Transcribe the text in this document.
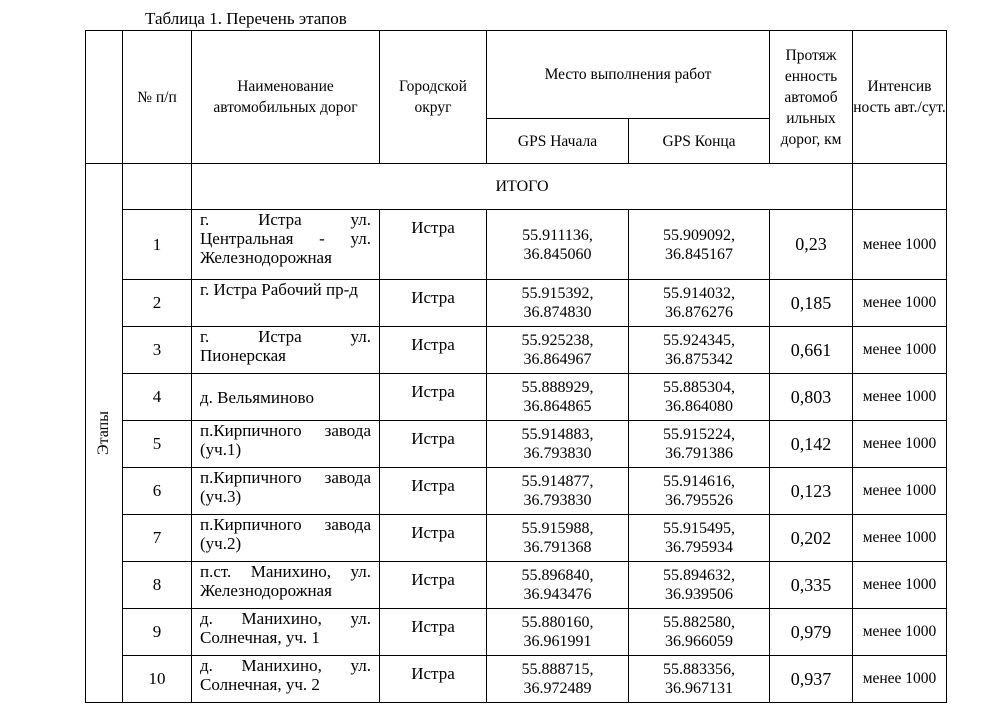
Таблица 1. Перечень этапов
	№ п/п	Наименование автомобильных дорог	Городской округ	Место выполнения работ		Протяж енность автомоб ильных дорог, км	Интенсив ность авт./сут.
				GPS Начала	GPS Конца		

Этапы		ИТОГО					
	1	г. Истра ул. Центральная - ул. Железнодорожная	Истра	55.911136, 36.845060	55.909092, 36.845167	0,23	менее 1000
	2	г. Истра Рабочий пр-д	Истра	55.915392, 36.874830	55.914032, 36.876276	0,185	менее 1000
	3	г. Истра ул. Пионерская	Истра	55.925238, 36.864967	55.924345, 36.875342	0,661	менее 1000
	4	д. Вельяминово	Истра	55.888929, 36.864865	55.885304, 36.864080	0,803	менее 1000
	5	п.Кирпичного завода (уч.1)	Истра	55.914883, 36.793830	55.915224, 36.791386	0,142	менее 1000
	6	п.Кирпичного завода (уч.3)	Истра	55.914877, 36.793830	55.914616, 36.795526	0,123	менее 1000
	7	п.Кирпичного завода (уч.2)	Истра	55.915988, 36.791368	55.915495, 36.795934	0,202	менее 1000
	8	п.ст. Манихино, ул. Железнодорожная	Истра	55.896840, 36.943476	55.894632, 36.939506	0,335	менее 1000
	9	д. Манихино, ул. Солнечная, уч. 1	Истра	55.880160, 36.961991	55.882580, 36.966059	0,979	менее 1000
	10	д. Манихино, ул. Солнечная, уч. 2	Истра	55.888715, 36.972489	55.883356, 36.967131	0,937	менее 1000
